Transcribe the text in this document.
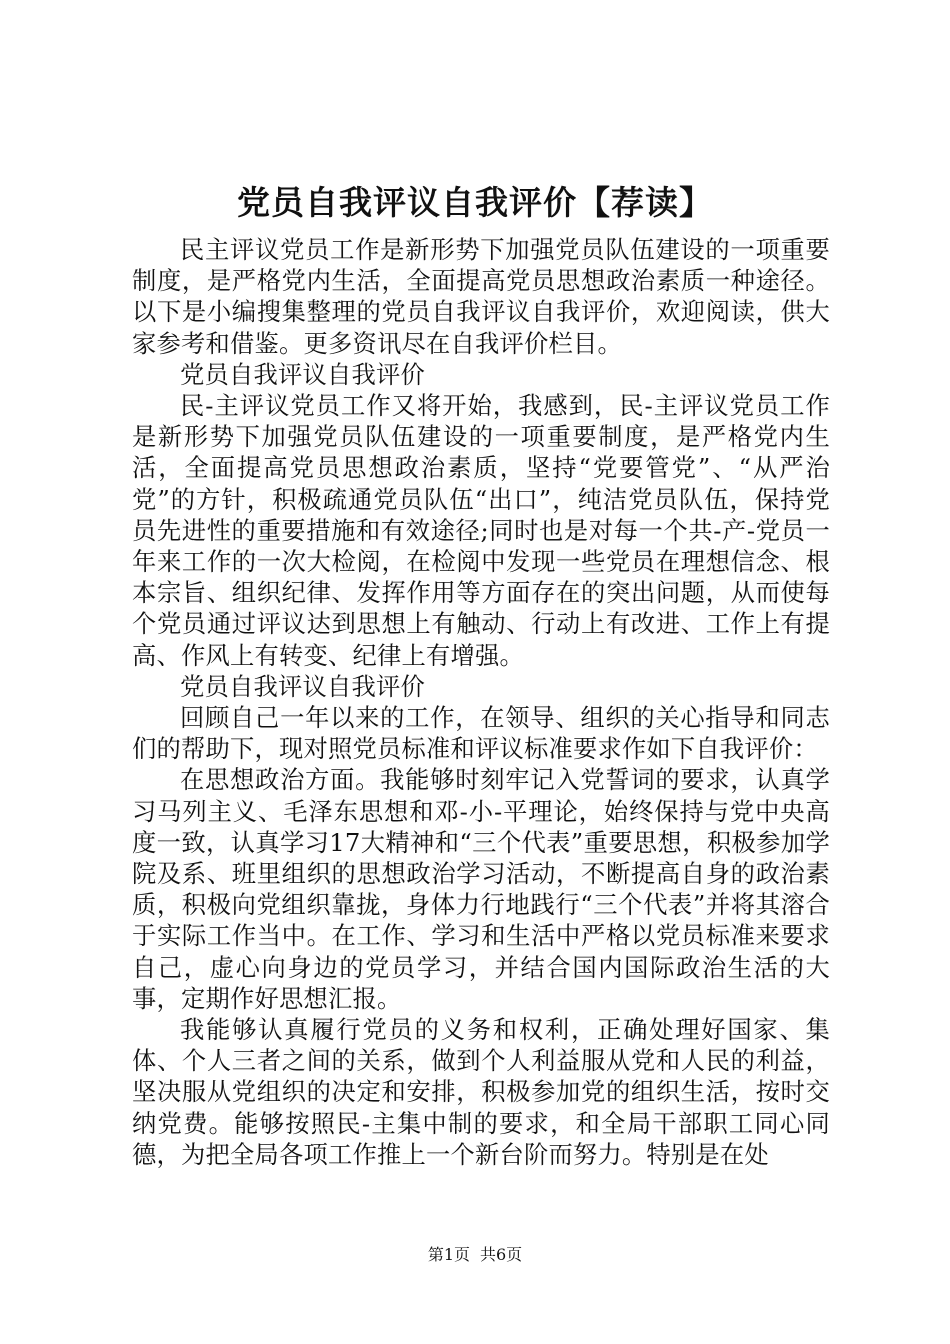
党员自我评议自我评价【荐读】

民主评议党员工作是新形势下加强党员队伍建设的一项重要制度，是严格党内生活，全面提高党员思想政治素质一种途径。以下是小编搜集整理的党员自我评议自我评价，欢迎阅读，供大家参考和借鉴。更多资讯尽在自我评价栏目。

党员自我评议自我评价

民-主评议党员工作又将开始，我感到，民-主评议党员工作是新形势下加强党员队伍建设的一项重要制度，是严格党内生活，全面提高党员思想政治素质，坚持“党要管党”、“从严治党”的方针，积极疏通党员队伍“出口”，纯洁党员队伍，保持党员先进性的重要措施和有效途径;同时也是对每一个共-产-党员一年来工作的一次大检阅，在检阅中发现一些党员在理想信念、根本宗旨、组织纪律、发挥作用等方面存在的突出问题，从而使每个党员通过评议达到思想上有触动、行动上有改进、工作上有提高、作风上有转变、纪律上有增强。

党员自我评议自我评价

回顾自己一年以来的工作，在领导、组织的关心指导和同志们的帮助下，现对照党员标准和评议标准要求作如下自我评价：

在思想政治方面。我能够时刻牢记入党誓词的要求，认真学习马列主义、毛泽东思想和邓-小-平理论，始终保持与党中央高度一致，认真学习17大精神和“三个代表”重要思想，积极参加学院及系、班里组织的思想政治学习活动，不断提高自身的政治素质，积极向党组织靠拢，身体力行地践行“三个代表”并将其溶合于实际工作当中。在工作、学习和生活中严格以党员标准来要求自己，虚心向身边的党员学习，并结合国内国际政治生活的大事，定期作好思想汇报。

我能够认真履行党员的义务和权利，正确处理好国家、集体、个人三者之间的关系，做到个人利益服从党和人民的利益，坚决服从党组织的决定和安排，积极参加党的组织生活，按时交纳党费。能够按照民-主集中制的要求，和全局干部职工同心同德，为把全局各项工作推上一个新台阶而努力。特别是在处

第1页 共6页
